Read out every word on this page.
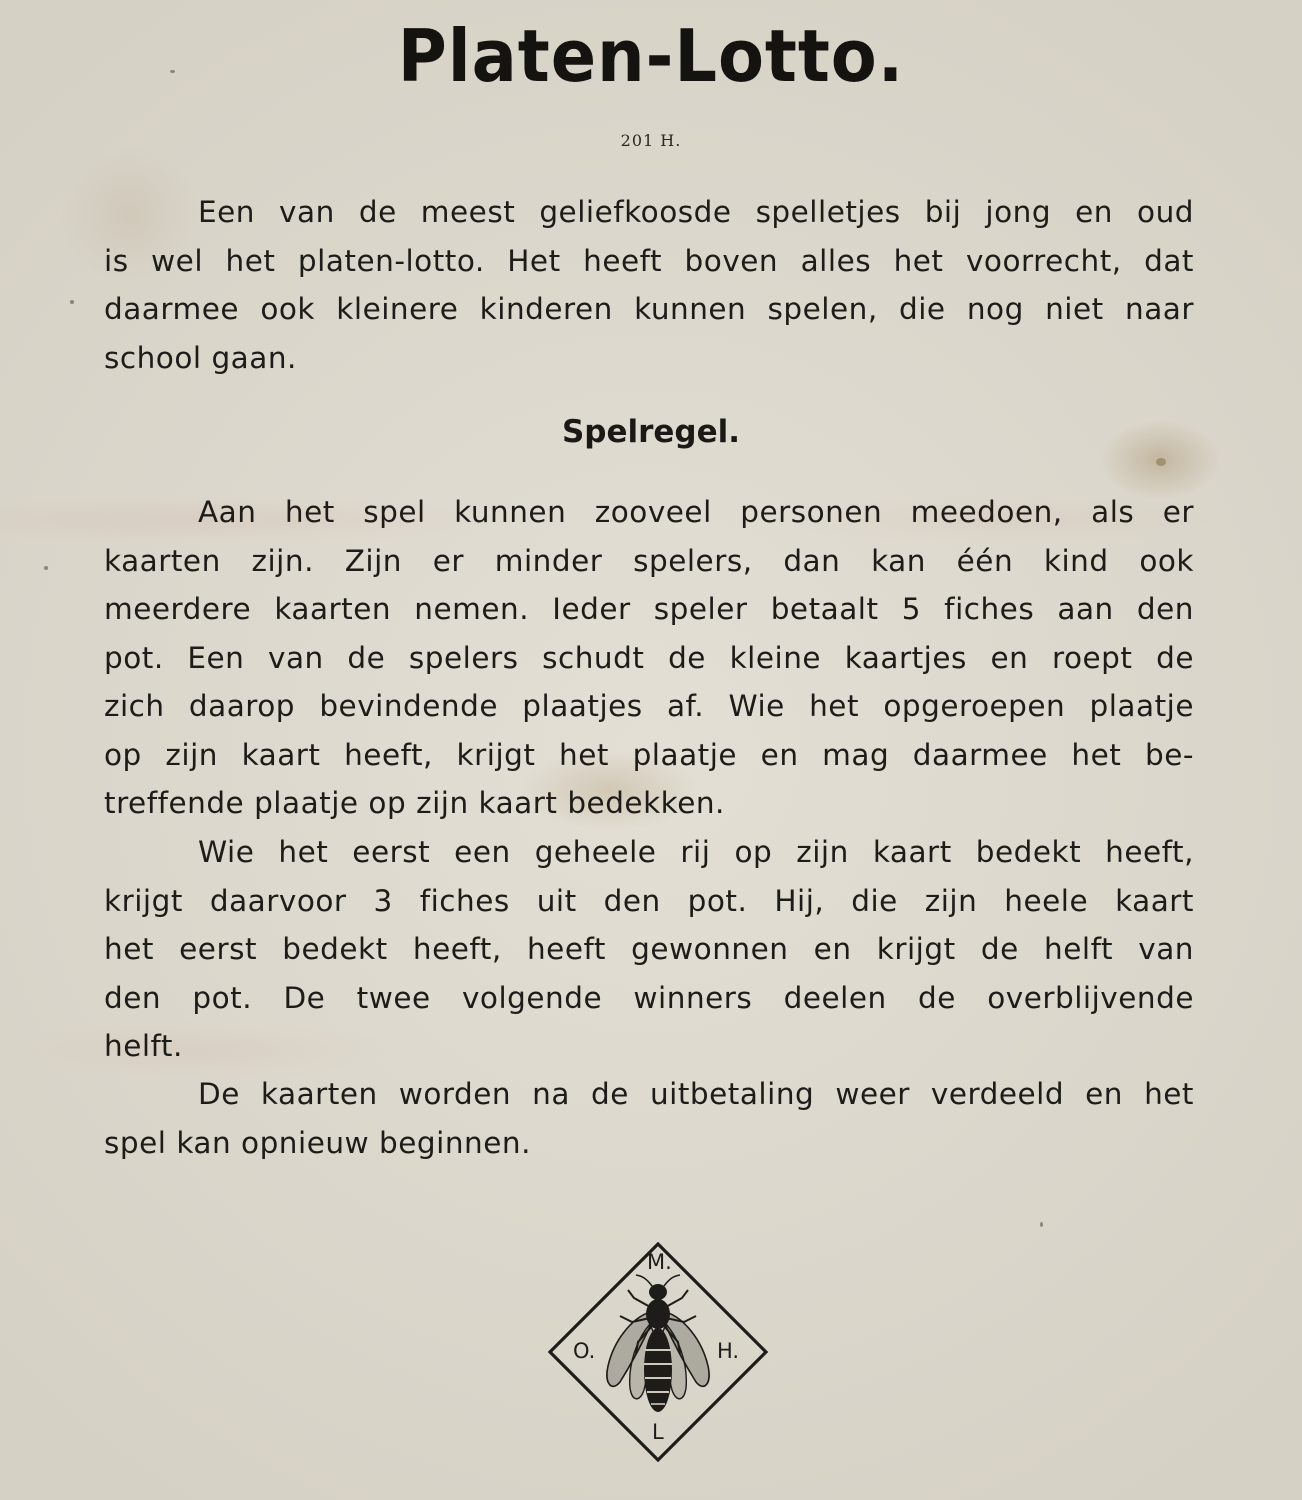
Platen-Lotto.
201 H.
Een van de meest geliefkoosde spelletjes bij jong en oud
is wel het platen-lotto. Het heeft boven alles het voorrecht, dat
daarmee ook kleinere kinderen kunnen spelen, die nog niet naar
school gaan.
Spelregel.
Aan het spel kunnen zooveel personen meedoen, als er
kaarten zijn. Zijn er minder spelers, dan kan één kind ook
meerdere kaarten nemen. Ieder speler betaalt 5 fiches aan den
pot. Een van de spelers schudt de kleine kaartjes en roept de
zich daarop bevindende plaatjes af. Wie het opgeroepen plaatje
op zijn kaart heeft, krijgt het plaatje en mag daarmee het be-
treffende plaatje op zijn kaart bedekken.
Wie het eerst een geheele rij op zijn kaart bedekt heeft,
krijgt daarvoor 3 fiches uit den pot. Hij, die zijn heele kaart
het eerst bedekt heeft, heeft gewonnen en krijgt de helft van
den pot. De twee volgende winners deelen de overblijvende
helft.
De kaarten worden na de uitbetaling weer verdeeld en het
spel kan opnieuw beginnen.
M.
O.	H.
L
